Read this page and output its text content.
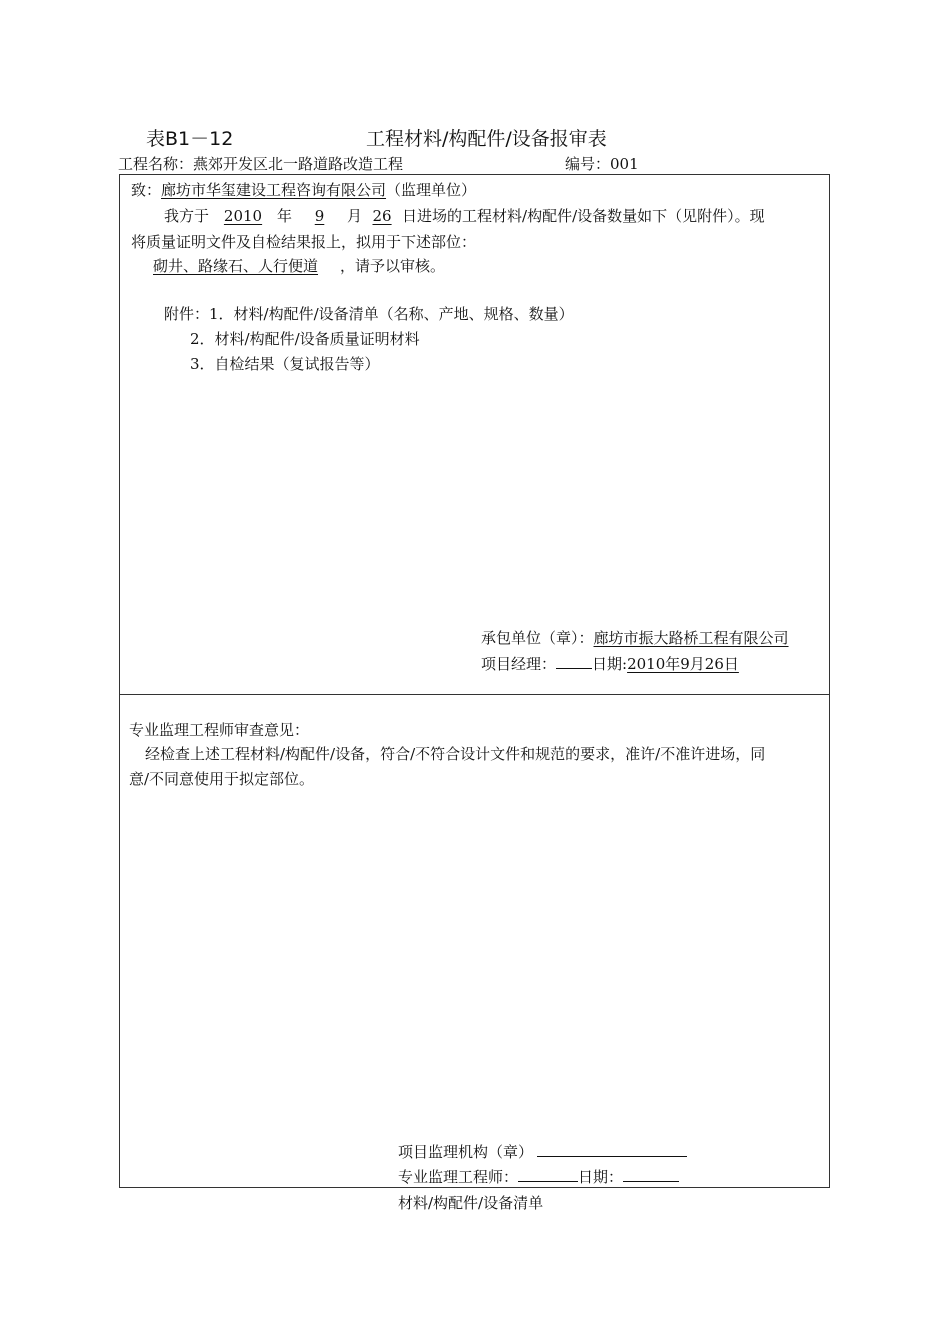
表B1－12	工程材料/构配件/设备报审表
工程名称：燕郊开发区北一路道路改造工程	编号：001
致：廊坊市华玺建设工程咨询有限公司（监理单位）
我方于 2010 年 9 月 26 日进场的工程材料/构配件/设备数量如下（见附件）。现
将质量证明文件及自检结果报上，拟用于下述部位：
砌井、路缘石、人行便道 ，请予以审核。
附件：1．材料/构配件/设备清单（名称、产地、规格、数量）
2．材料/构配件/设备质量证明材料
3．自检结果（复试报告等）
承包单位（章）：廊坊市振大路桥工程有限公司
项目经理： 日期:2010年9月26日
专业监理工程师审查意见：
经检查上述工程材料/构配件/设备，符合/不符合设计文件和规范的要求，准许/不准许进场，同
意/不同意使用于拟定部位。
项目监理机构（章）
专业监理工程师：	日期：
材料/构配件/设备清单
